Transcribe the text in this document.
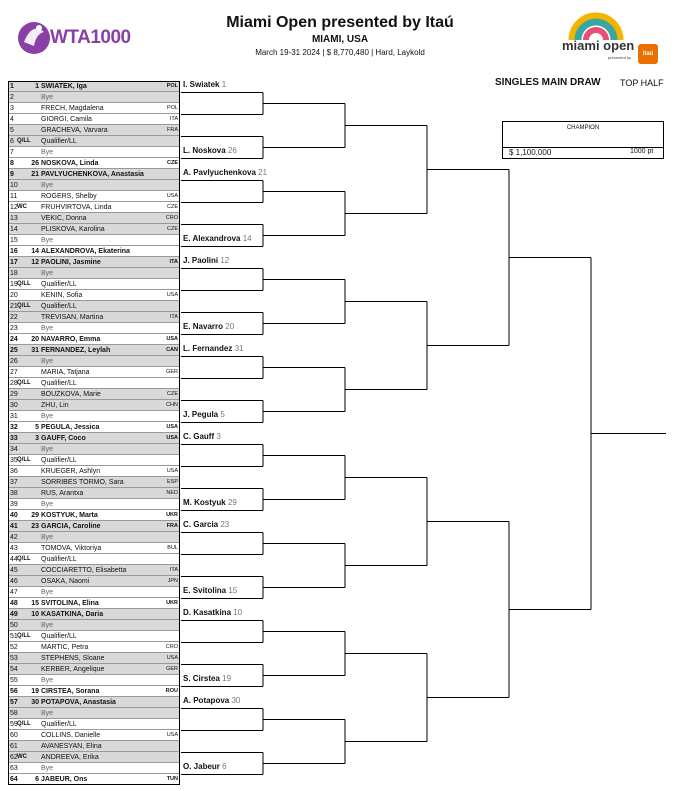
WTA1000
Miami Open presented by Itaú
MIAMI, USA
March 19-31 2024 | $ 8,770,480 | Hard, Laykold	miami open
presented by
itaú
SINGLES MAIN DRAW TOP HALF
CHAMPION
$ 1,100,000	1000 pt
1	1 SWIATEK, Iga	POL
2	Bye
3	FRECH, Magdalena	POL
4	GIORGI, Camila	ITA
5	GRACHEVA, Varvara	FRA
6 Q/LL	Qualifier/LL
7	Bye
8	26 NOSKOVA, Linda	CZE
9	21 PAVLYUCHENKOVA, Anastasia
10	Bye
11	ROGERS, Shelby	USA
12 WC	FRUHVIRTOVA, Linda	CZE
13	VEKIC, Donna	CRO
14	PLISKOVA, Karolina	CZE
15	Bye
16	14 ALEXANDROVA, Ekaterina
17	12 PAOLINI, Jasmine	ITA
18	Bye
19 Q/LL	Qualifier/LL
20	KENIN, Sofia	USA
21 Q/LL	Qualifier/LL
22	TREVISAN, Martina	ITA
23	Bye
24	20 NAVARRO, Emma	USA
25	31 FERNANDEZ, Leylah	CAN
26	Bye
27	MARIA, Tatjana	GER
28 Q/LL	Qualifier/LL
29	BOUZKOVA, Marie	CZE
30	ZHU, Lin	CHN
31	Bye
32	5 PEGULA, Jessica	USA
33	3 GAUFF, Coco	USA
34	Bye
35 Q/LL	Qualifier/LL
36	KRUEGER, Ashlyn	USA
37	SORRIBES TORMO, Sara	ESP
38	RUS, Arantxa	NED
39	Bye
40	29 KOSTYUK, Marta	UKR
41	23 GARCIA, Caroline	FRA
42	Bye
43	TOMOVA, Viktoriya	BUL
44 Q/LL	Qualifier/LL
45	COCCIARETTO, Elisabetta	ITA
46	OSAKA, Naomi	JPN
47	Bye
48	15 SVITOLINA, Elina	UKR
49	10 KASATKINA, Daria
50	Bye
51 Q/LL	Qualifier/LL
52	MARTIC, Petra	CRO
53	STEPHENS, Sloane	USA
54	KERBER, Angelique	GER
55	Bye
56	19 CIRSTEA, Sorana	ROU
57	30 POTAPOVA, Anastasia
58	Bye
59 Q/LL	Qualifier/LL
60	COLLINS, Danielle	USA
61	AVANESYAN, Elina
62 WC	ANDREEVA, Erika
63	Bye
64	6 JABEUR, Ons	TUN
I. Swiatek 1
L. Noskova 26
A. Pavlyuchenkova 21
E. Alexandrova 14
J. Paolini 12
E. Navarro 20
L. Fernandez 31
J. Pegula 5
C. Gauff 3
M. Kostyuk 29
C. Garcia 23
E. Svitolina 15
D. Kasatkina 10
S. Cirstea 19
A. Potapova 30
O. Jabeur 6
